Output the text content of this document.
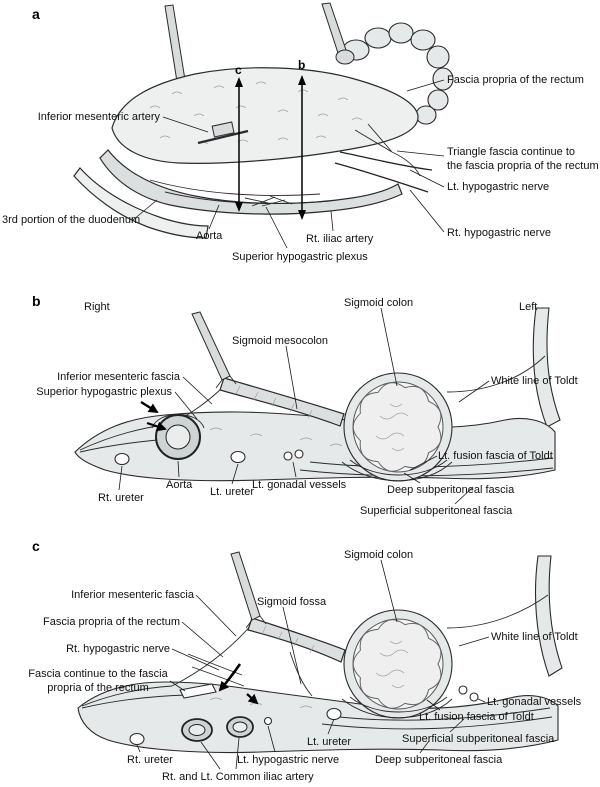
a
c	b
Fascia propria of the rectum
Inferior mesenteric artery
Triangle fascia continue to
the fascia propria of the rectum
Lt. hypogastric nerve
Rt. hypogastric nerve
3rd portion of the duodenum
Aorta	Rt. iliac artery
Superior hypogastric plexus
b	Right	Left
Sigmoid colon
Sigmoid mesocolon
Inferior mesenteric fascia
Superior hypogastric plexus
White line of Toldt
Aorta
Rt. ureter	Lt. ureter
Lt. gonadal vessels
Lt. fusion fascia of Toldt
Deep subperitoneal fascia
Superficial subperitoneal fascia
c
Sigmoid colon
Sigmoid fossa
Inferior mesenteric fascia
Fascia propria of the rectum
Rt. hypogastric nerve
Fascia continue to the fascia
propria of the rectum
White line of Toldt
Lt. gonadal vessels
Lt. fusion fascia of Toldt
Superficial subperitoneal fascia
Deep subperitoneal fascia
Lt. ureter
Lt. hypogastric nerve
Rt. ureter
Rt. and Lt. Common iliac artery
